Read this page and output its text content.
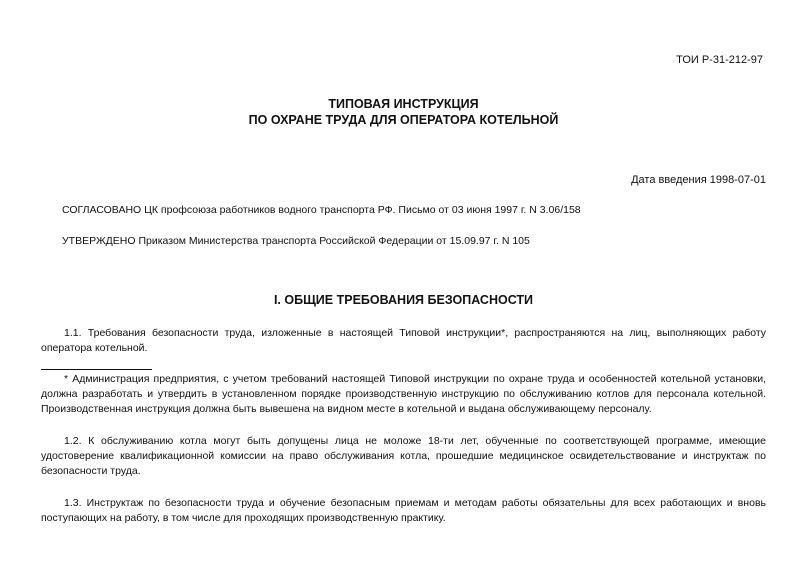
ТОИ Р-31-212-97
ТИПОВАЯ ИНСТРУКЦИЯ
ПО ОХРАНЕ ТРУДА ДЛЯ ОПЕРАТОРА КОТЕЛЬНОЙ
Дата введения 1998-07-01
СОГЛАСОВАНО ЦК профсоюза работников водного транспорта РФ. Письмо от 03 июня 1997 г. N 3.06/158
УТВЕРЖДЕНО Приказом Министерства транспорта Российской Федерации от 15.09.97 г. N 105
I. ОБЩИЕ ТРЕБОВАНИЯ БЕЗОПАСНОСТИ

1.1. Требования безопасности труда, изложенные в настоящей Типовой инструкции*, распространяются на лиц, выполняющих работу оператора котельной.

* Администрация предприятия, с учетом требований настоящей Типовой инструкции по охране труда и особенностей котельной установки, должна разработать и утвердить в установленном порядке производственную инструкцию по обслуживанию котлов для персонала котельной. Производственная инструкция должна быть вывешена на видном месте в котельной и выдана обслуживающему персоналу.

1.2. К обслуживанию котла могут быть допущены лица не моложе 18-ти лет, обученные по соответствующей программе, имеющие удостоверение квалификационной комиссии на право обслуживания котла, прошедшие медицинское освидетельствование и инструктаж по безопасности труда.

1.3. Инструктаж по безопасности труда и обучение безопасным приемам и методам работы обязательны для всех работающих и вновь поступающих на работу, в том числе для проходящих производственную практику.
